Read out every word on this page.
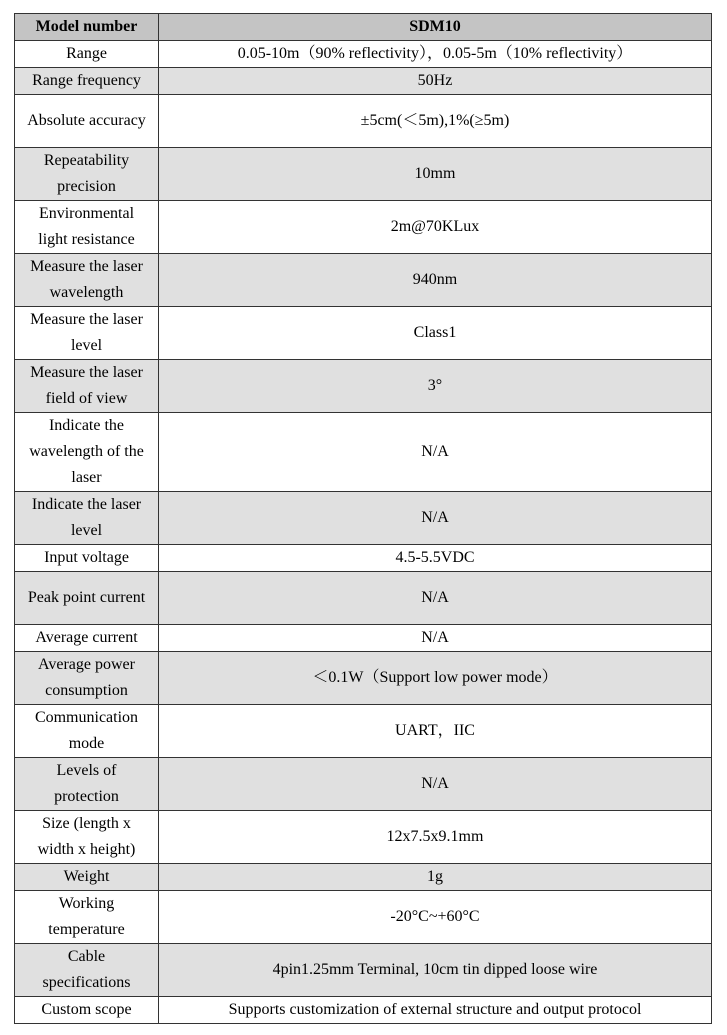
Model number	SDM10
Range	0.05-10m（90% reflectivity），0.05-5m（10% reflectivity）
Range frequency	50Hz
Absolute accuracy	±5cm(＜5m),1%(≥5m)
Repeatability precision	10mm
Environmental light resistance	2m@70KLux
Measure the laser wavelength	940nm
Measure the laser level	Class1
Measure the laser field of view	3°
Indicate the wavelength of the laser	N/A
Indicate the laser level	N/A
Input voltage	4.5-5.5VDC
Peak point current	N/A
Average current	N/A
Average power consumption	＜0.1W（Support low power mode）
Communication mode	UART，IIC
Levels of protection	N/A
Size (length x width x height)	12x7.5x9.1mm
Weight	1g
Working temperature	-20°C~+60°C
Cable specifications	4pin1.25mm Terminal, 10cm tin dipped loose wire
Custom scope	Supports customization of external structure and output protocol
